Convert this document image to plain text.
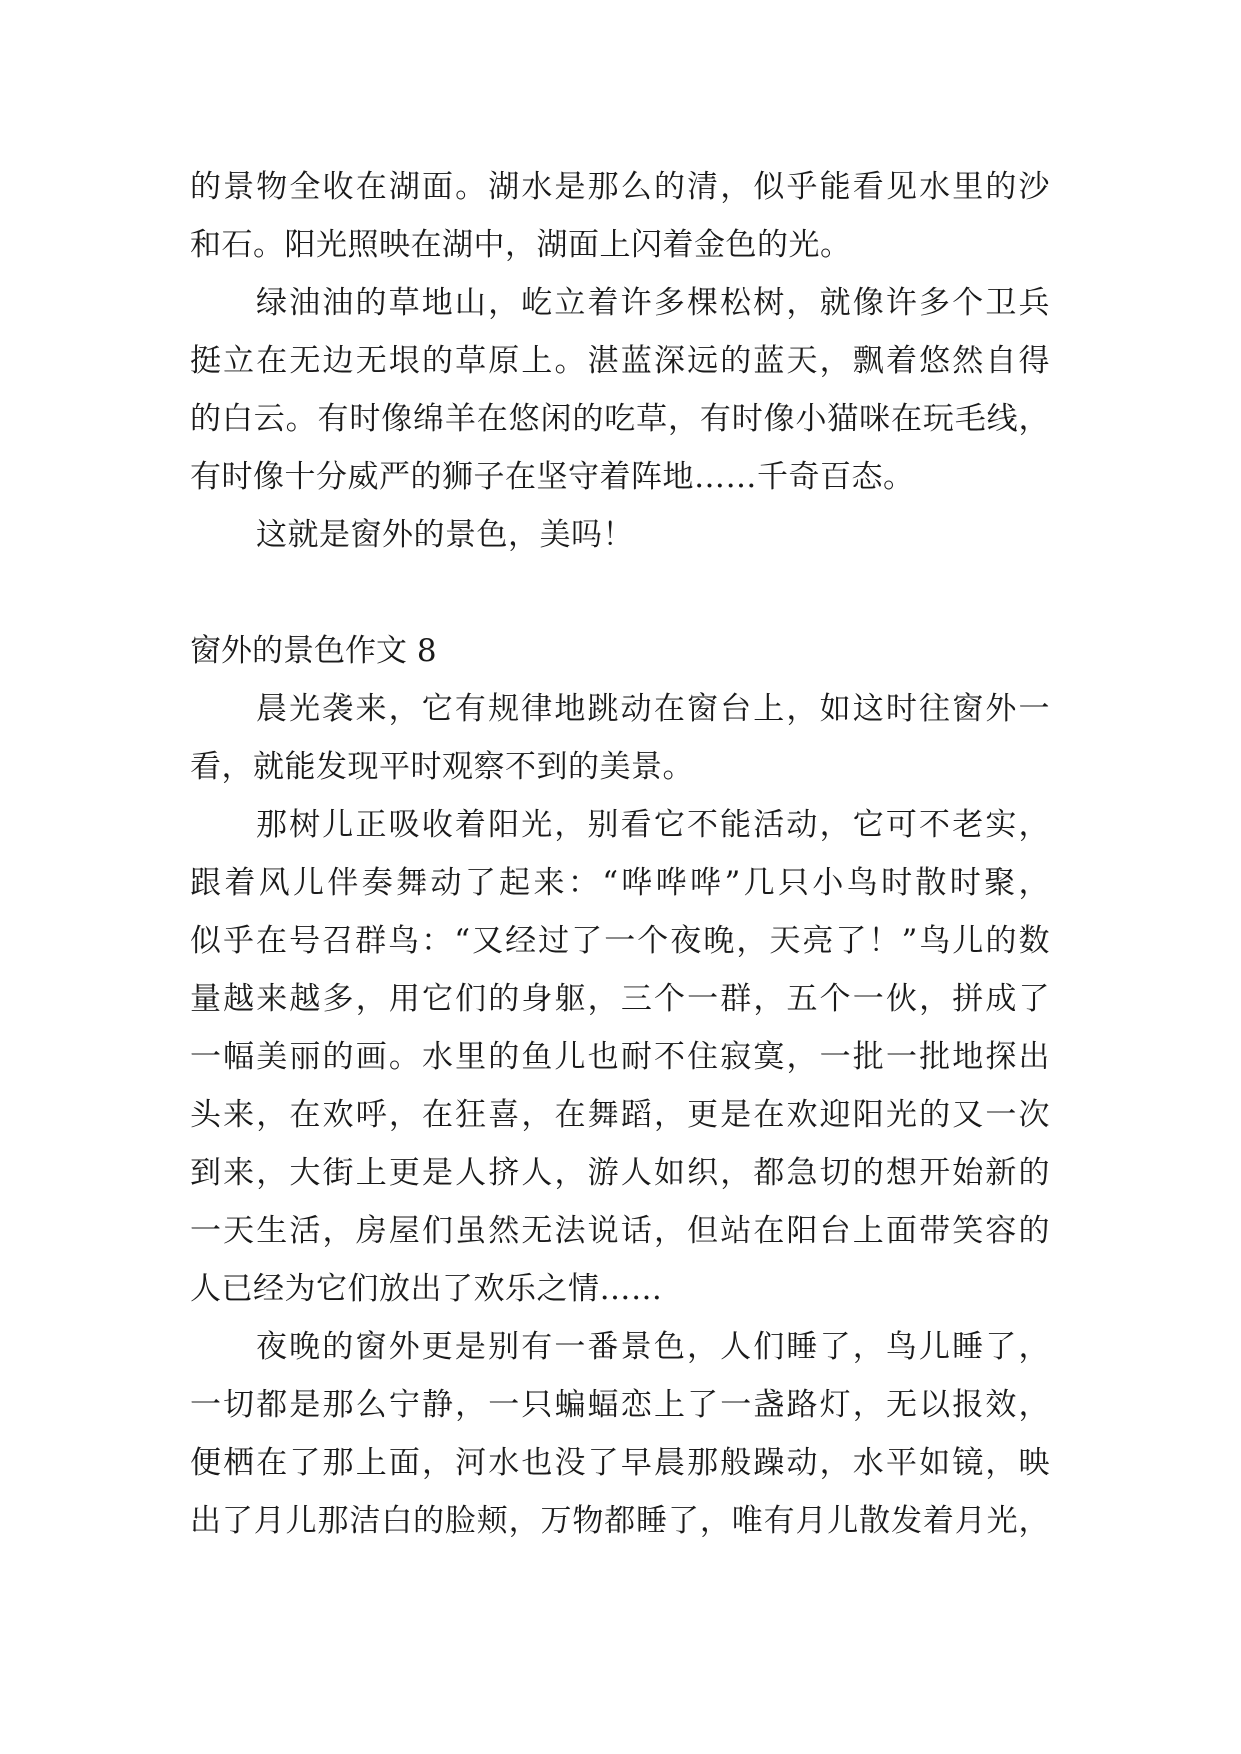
的景物全收在湖面。湖水是那么的清，似乎能看见水里的沙
和石。阳光照映在湖中，湖面上闪着金色的光。
绿油油的草地山，屹立着许多棵松树，就像许多个卫兵
挺立在无边无垠的草原上。湛蓝深远的蓝天，飘着悠然自得
的白云。有时像绵羊在悠闲的吃草，有时像小猫咪在玩毛线，
有时像十分威严的狮子在坚守着阵地……千奇百态。
这就是窗外的景色，美吗！
窗外的景色作文 8
晨光袭来，它有规律地跳动在窗台上，如这时往窗外一
看，就能发现平时观察不到的美景。
那树儿正吸收着阳光，别看它不能活动，它可不老实，
跟着风儿伴奏舞动了起来：“哗哗哗”几只小鸟时散时聚，
似乎在号召群鸟：“又经过了一个夜晚，天亮了！”鸟儿的数
量越来越多，用它们的身躯，三个一群，五个一伙，拼成了
一幅美丽的画。水里的鱼儿也耐不住寂寞，一批一批地探出
头来，在欢呼，在狂喜，在舞蹈，更是在欢迎阳光的又一次
到来，大街上更是人挤人，游人如织，都急切的想开始新的
一天生活，房屋们虽然无法说话，但站在阳台上面带笑容的
人已经为它们放出了欢乐之情……
夜晚的窗外更是别有一番景色，人们睡了，鸟儿睡了，
一切都是那么宁静，一只蝙蝠恋上了一盏路灯，无以报效，
便栖在了那上面，河水也没了早晨那般躁动，水平如镜，映
出了月儿那洁白的脸颊，万物都睡了，唯有月儿散发着月光，
